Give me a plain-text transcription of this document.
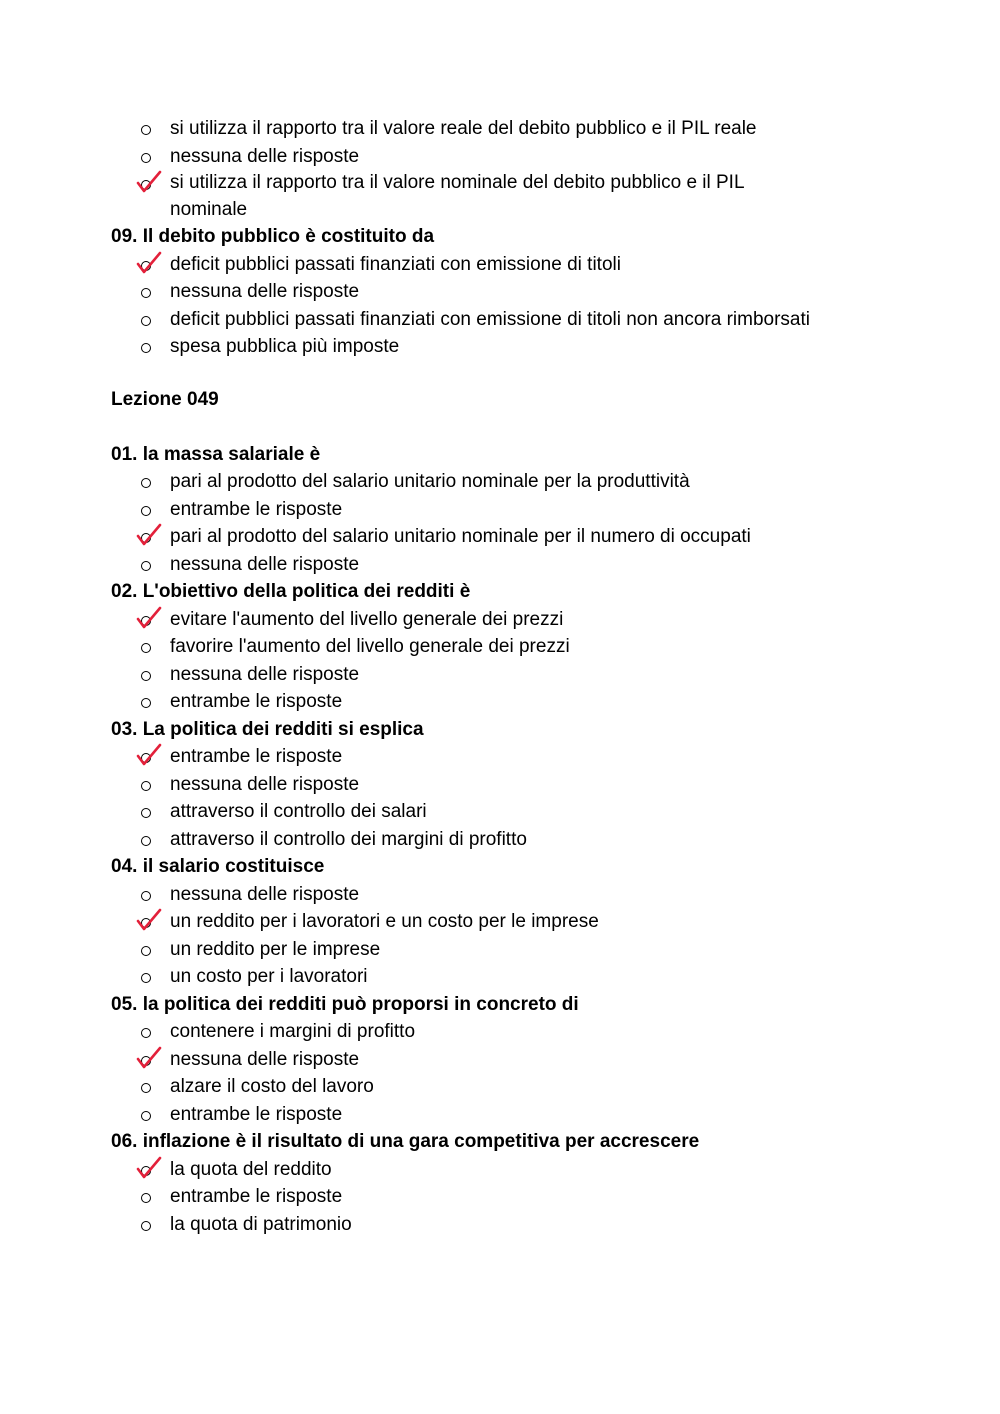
si utilizza il rapporto tra il valore reale del debito pubblico e il PIL reale
nessuna delle risposte
si utilizza il rapporto tra il valore nominale del debito pubblico e il PIL
nominale
09. Il debito pubblico è costituito da
deficit pubblici passati finanziati con emissione di titoli
nessuna delle risposte
deficit pubblici passati finanziati con emissione di titoli non ancora rimborsati
spesa pubblica più imposte
Lezione 049
01. la massa salariale è
pari al prodotto del salario unitario nominale per la produttività
entrambe le risposte
pari al prodotto del salario unitario nominale per il numero di occupati
nessuna delle risposte
02. L'obiettivo della politica dei redditi è
evitare l'aumento del livello generale dei prezzi
favorire l'aumento del livello generale dei prezzi
nessuna delle risposte
entrambe le risposte
03. La politica dei redditi si esplica
entrambe le risposte
nessuna delle risposte
attraverso il controllo dei salari
attraverso il controllo dei margini di profitto
04. il salario costituisce
nessuna delle risposte
un reddito per i lavoratori e un costo per le imprese
un reddito per le imprese
un costo per i lavoratori
05. la politica dei redditi può proporsi in concreto di
contenere i margini di profitto
nessuna delle risposte
alzare il costo del lavoro
entrambe le risposte
06. inflazione è il risultato di una gara competitiva per accrescere
la quota del reddito
entrambe le risposte
la quota di patrimonio
